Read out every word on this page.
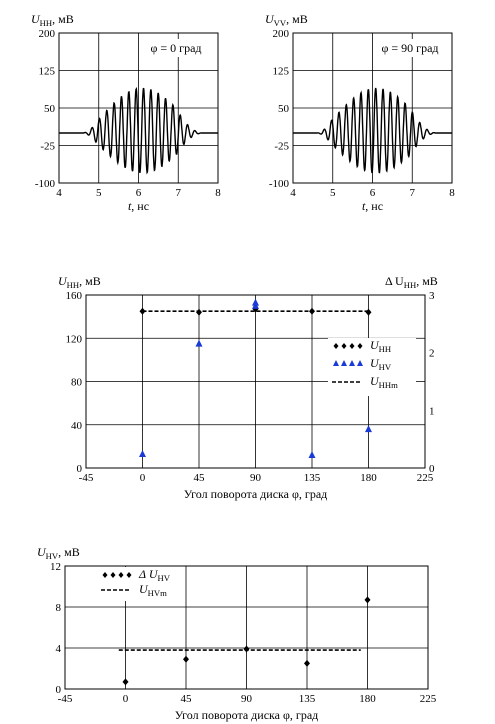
4	5	6	7	8
-100
-25
50
125
200
$U_{HH}$, мВ
t, нс
φ = 0 град
4	5	6	7	8
-100
-25
50
125
200
$U_{VV}$, мВ
t, нс
φ = 90 град
-45	0	45	90	135	180	225
0
40
80
120
160
0
1
2
3
$U_{HH}$, мВ	Δ $U_{HH}$, мВ
Угол поворота диска φ, град
$U_{HH}$
$U_{HV}$
$U_{HHm}$
-45	0	45	90	135	180	225
0
4
8
12
$U_{HV}$, мВ
Угол поворота диска φ, град
Δ $U_{HV}$
$U_{HVm}$
